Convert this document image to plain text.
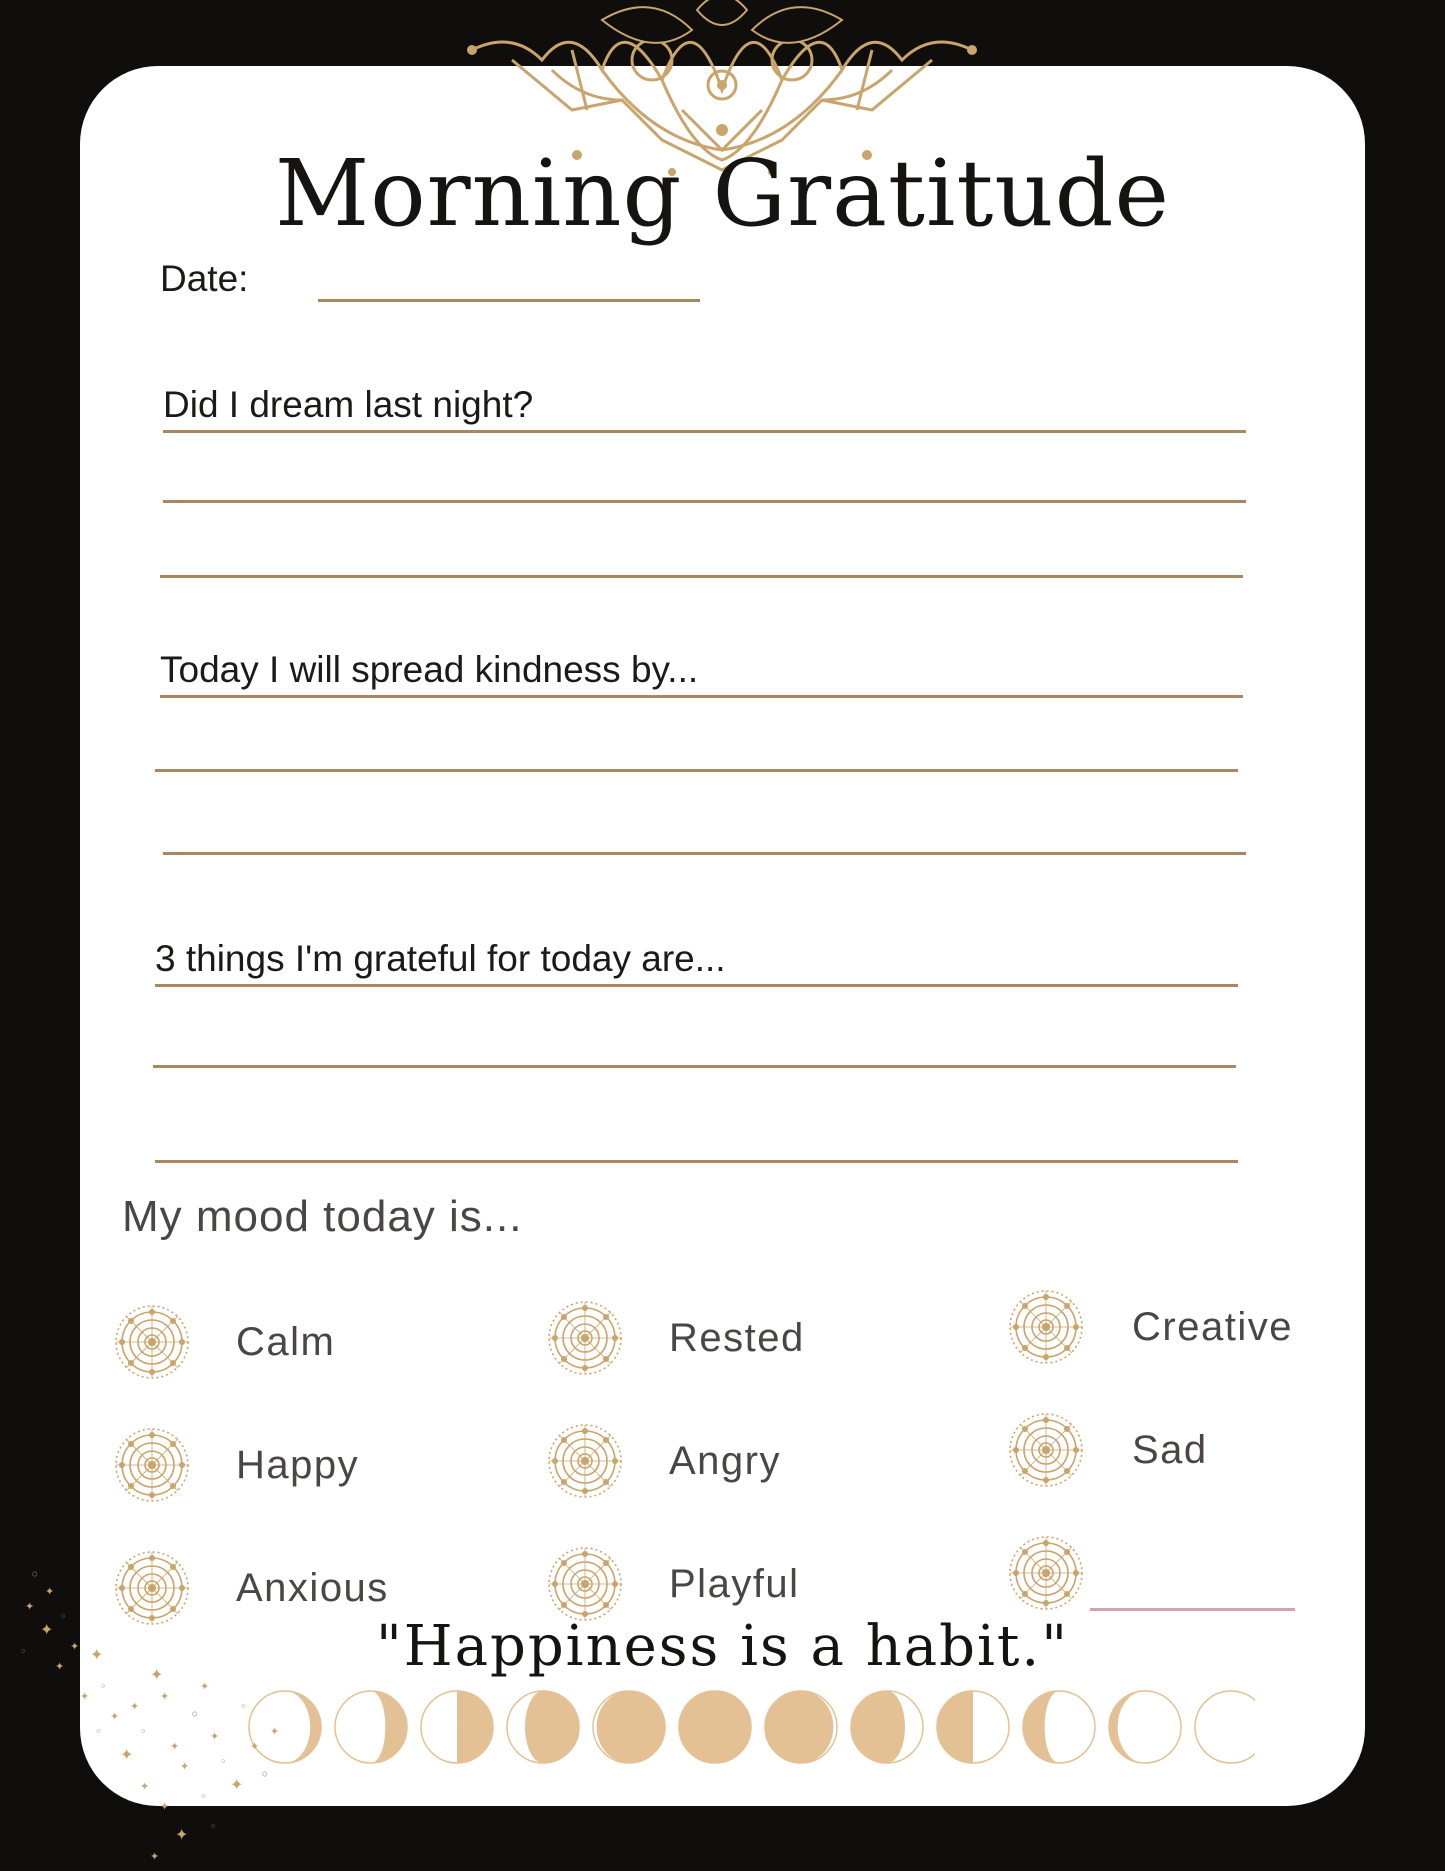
Morning Gratitude
Date:
Did I dream last night?
Today I will spread kindness by...
3 things I'm grateful for today are...
My mood today is...
Calm	Rested	Creative
Happy	Angry	Sad
Anxious	Playful
"Happiness is a habit."
◦
✦
✦
◦
✦
✦
◦
✦
✦
◦
✦
✦
◦
✦
✦
◦
✦
✦	◦
✦
✦
◦
✦
✦
◦
✦
✦
◦
✦
✦
◦
✦
✦ ◦
✦
